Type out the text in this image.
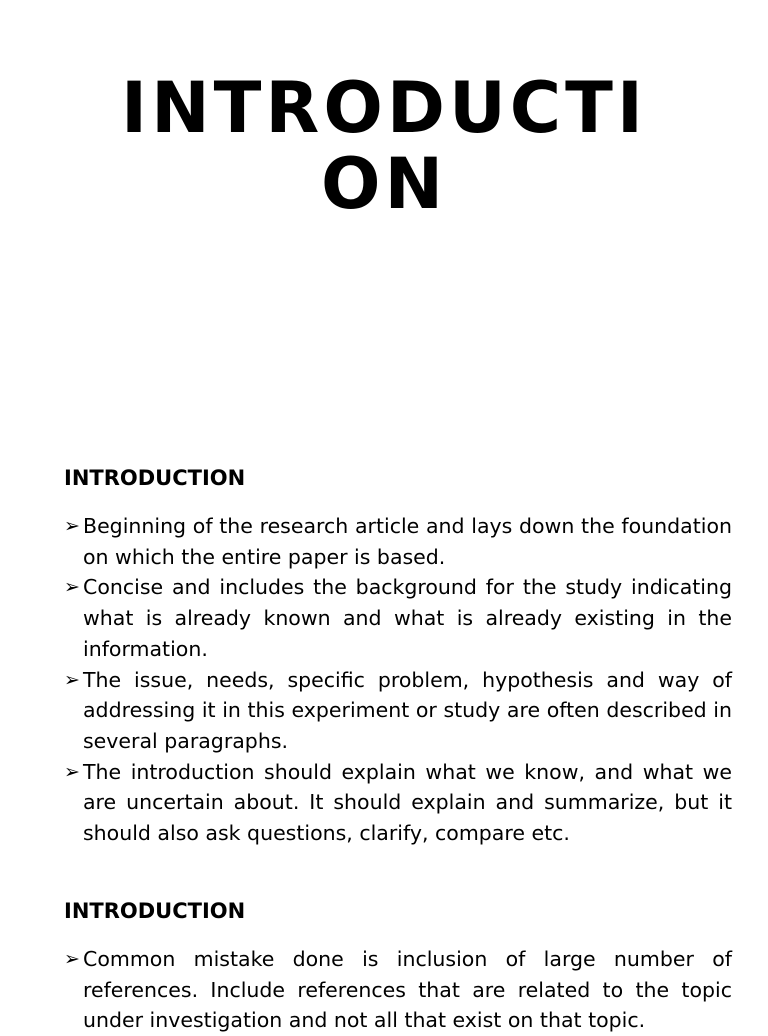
INTRODUCTION
INTRODUCTION
➢ Beginning of the research article and lays down the foundation on which the entire paper is based.
➢ Concise and includes the background for the study indicating what is already known and what is already existing in the information.
➢ The issue, needs, specific problem, hypothesis and way of addressing it in this experiment or study are often described in several paragraphs.
➢ The introduction should explain what we know, and what we are uncertain about. It should explain and summarize, but it should also ask questions, clarify, compare etc.
INTRODUCTION
➢ Common mistake done is inclusion of large number of references. Include references that are related to the topic under investigation and not all that exist on that topic.
